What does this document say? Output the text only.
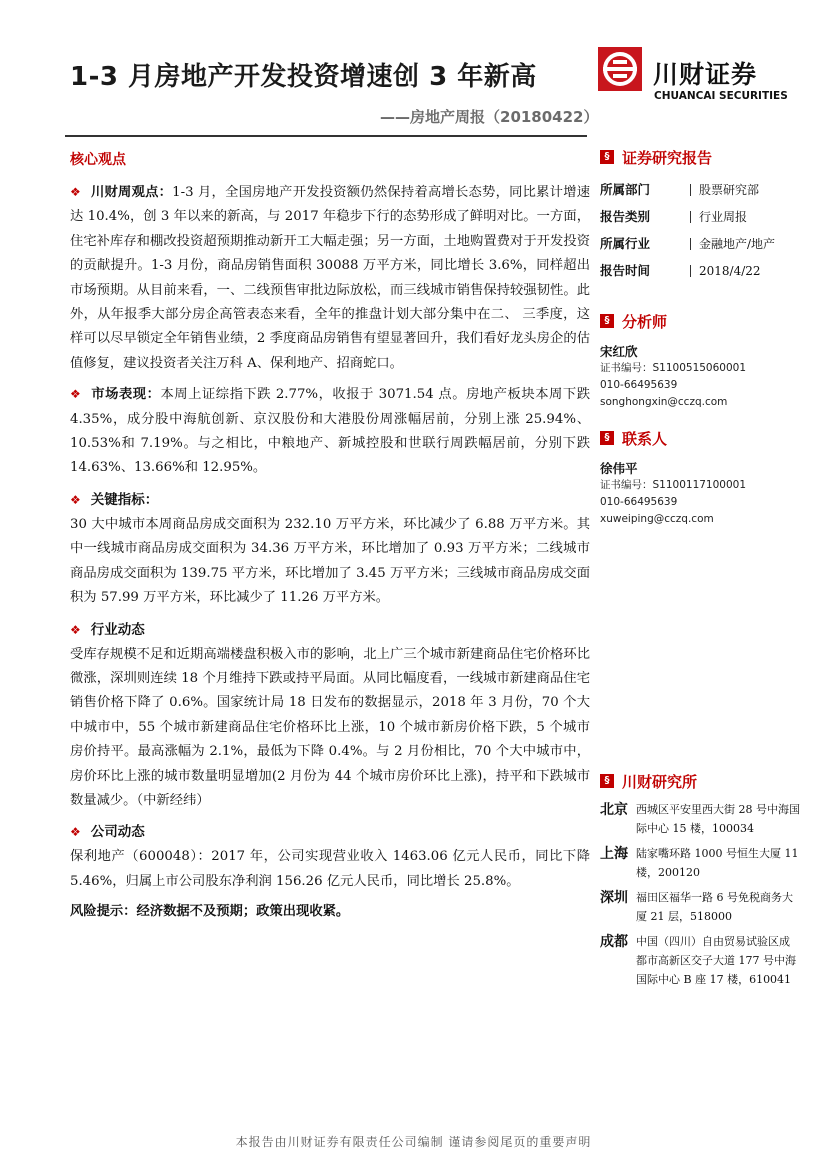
1-3 月房地产开发投资增速创 3 年新高
——房地产周报（20180422）
川财证券
CHUANCAI SECURITIES
核心观点

❖ 川财周观点：1-3 月，全国房地产开发投资额仍然保持着高增长态势，同比累计增速达 10.4%，创 3 年以来的新高，与 2017 年稳步下行的态势形成了鲜明对比。一方面，住宅补库存和棚改投资超预期推动新开工大幅走强；另一方面，土地购置费对于开发投资的贡献提升。1-3 月份，商品房销售面积 30088 万平方米，同比增长 3.6%，同样超出市场预期。从目前来看，一、二线预售审批边际放松，而三线城市销售保持较强韧性。此外，从年报季大部分房企高管表态来看，全年的推盘计划大部分集中在二、 三季度，这样可以尽早锁定全年销售业绩，2 季度商品房销售有望显著回升，我们看好龙头房企的估值修复，建议投资者关注万科 A、保利地产、招商蛇口。

❖ 市场表现：本周上证综指下跌 2.77%，收报于 3071.54 点。房地产板块本周下跌 4.35%，成分股中海航创新、京汉股份和大港股份周涨幅居前，分别上涨 25.94%、10.53%和 7.19%。与之相比，中粮地产、新城控股和世联行周跌幅居前，分别下跌 14.63%、13.66%和 12.95%。

❖ 关键指标：

30 大中城市本周商品房成交面积为 232.10 万平方米，环比减少了 6.88 万平方米。其中一线城市商品房成交面积为 34.36 万平方米，环比增加了 0.93 万平方米；二线城市商品房成交面积为 139.75 平方米，环比增加了 3.45 万平方米；三线城市商品房成交面积为 57.99 万平方米，环比减少了 11.26 万平方米。

❖ 行业动态

受库存规模不足和近期高端楼盘积极入市的影响，北上广三个城市新建商品住宅价格环比微涨，深圳则连续 18 个月维持下跌或持平局面。从同比幅度看，一线城市新建商品住宅销售价格下降了 0.6%。国家统计局 18 日发布的数据显示，2018 年 3 月份，70 个大中城市中，55 个城市新建商品住宅价格环比上涨，10 个城市新房价格下跌，5 个城市房价持平。最高涨幅为 2.1%，最低为下降 0.4%。与 2 月份相比，70 个大中城市中，房价环比上涨的城市数量明显增加(2 月份为 44 个城市房价环比上涨)，持平和下跌城市数量减少。（中新经纬）

❖ 公司动态

保利地产（600048）：2017 年，公司实现营业收入 1463.06 亿元人民币，同比下降 5.46%，归属上市公司股东净利润 156.26 亿元人民币，同比增长 25.8%。

风险提示：经济数据不及预期；政策出现收紧。
§ 证券研究报告
所属部门	股票研究部
报告类别	行业周报
所属行业	金融地产/地产
报告时间	2018/4/22
§ 分析师
宋红欣
证书编号：S1100515060001
010-66495639
songhongxin@cczq.com
§ 联系人
徐伟平
证书编号：S1100117100001
010-66495639
xuweiping@cczq.com
§ 川财研究所
北京 西城区平安里西大街 28 号中海国际中心 15 楼，100034
上海 陆家嘴环路 1000 号恒生大厦 11 楼，200120
深圳 福田区福华一路 6 号免税商务大厦 21 层，518000
成都 中国（四川）自由贸易试验区成都市高新区交子大道 177 号中海国际中心 B 座 17 楼，610041
本报告由川财证券有限责任公司编制 谨请参阅尾页的重要声明
